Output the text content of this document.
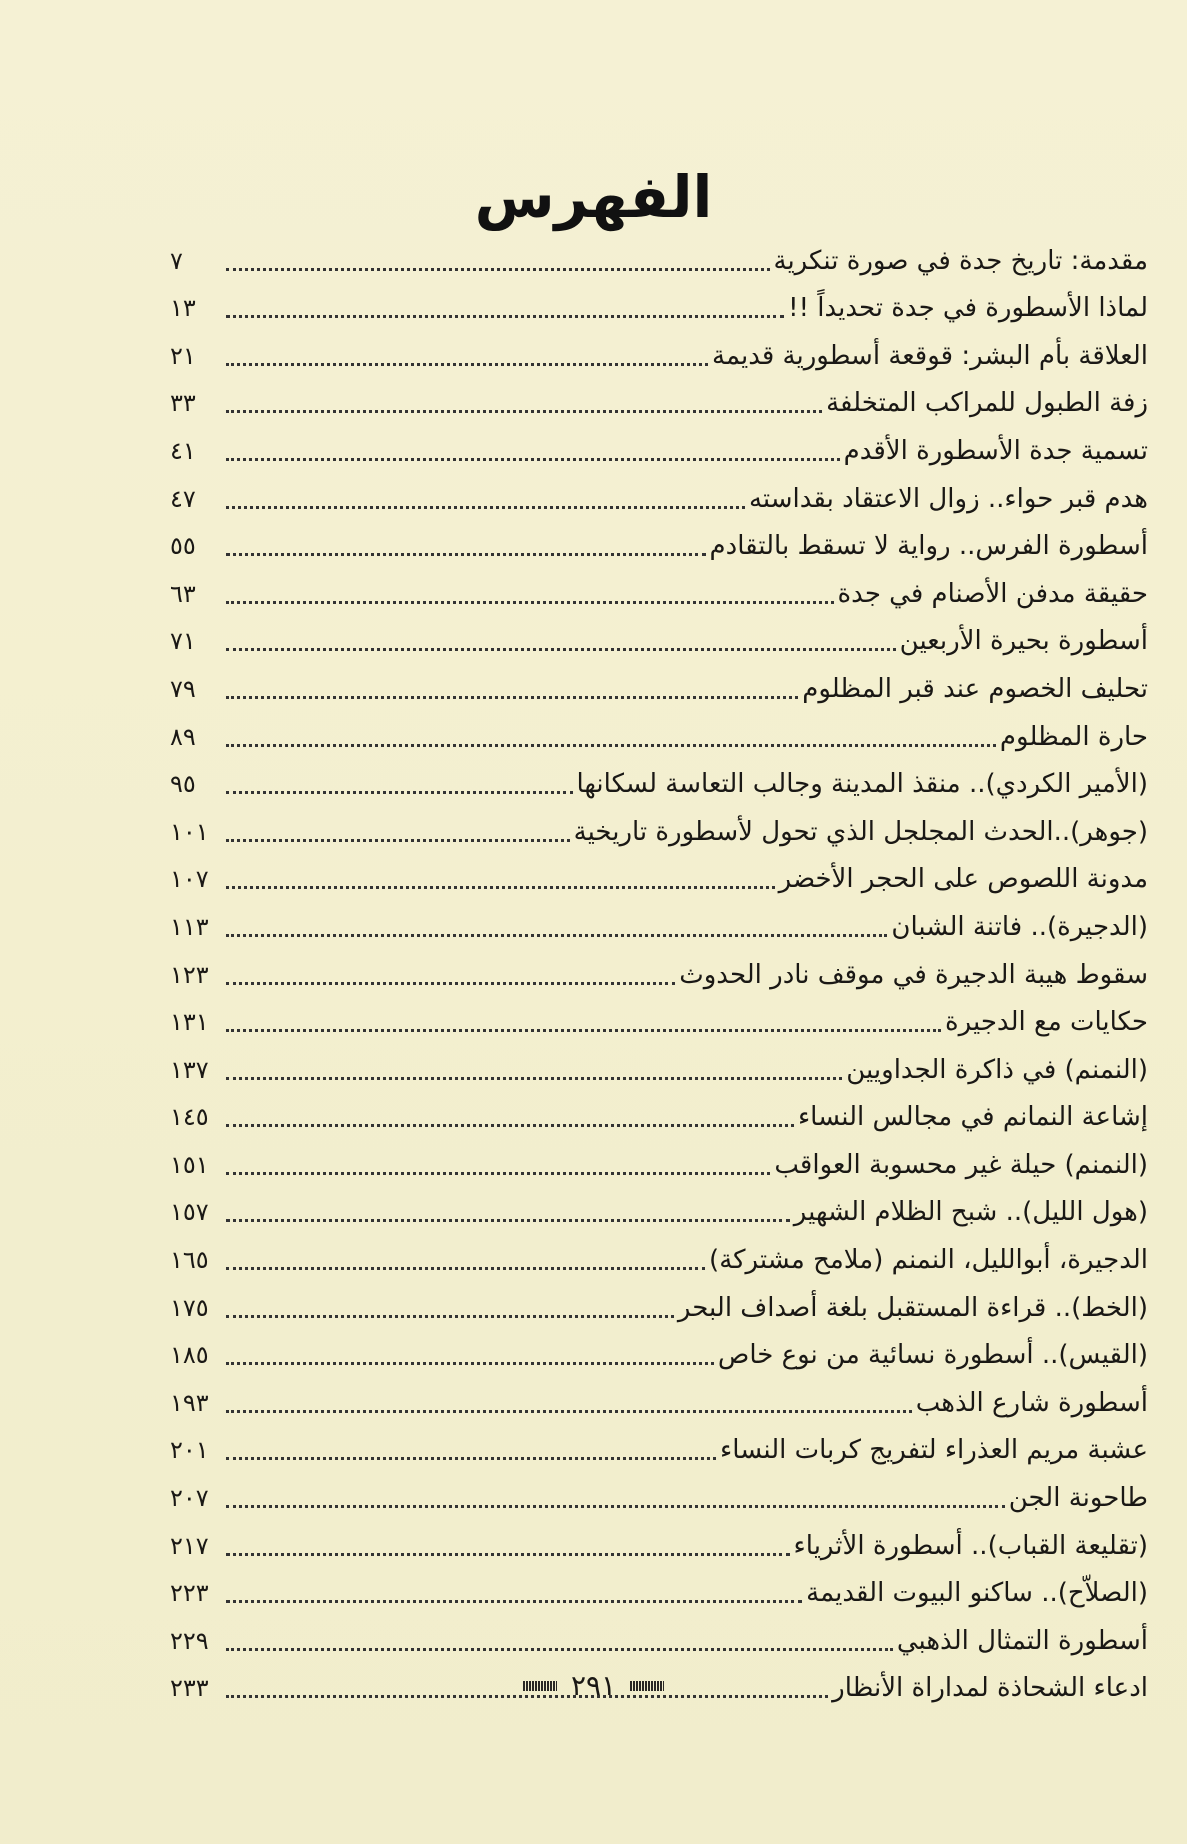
الفهرس
مقدمة: تاريخ جدة في صورة تنكرية
٧
لماذا الأسطورة في جدة تحديداً !!
١٣
العلاقة بأم البشر: قوقعة أسطورية قديمة
٢١
زفة الطبول للمراكب المتخلفة
٣٣
تسمية جدة الأسطورة الأقدم
٤١
هدم قبر حواء.. زوال الاعتقاد بقداسته
٤٧
أسطورة الفرس.. رواية لا تسقط بالتقادم
٥٥
حقيقة مدفن الأصنام في جدة
٦٣
أسطورة بحيرة الأربعين
٧١
تحليف الخصوم عند قبر المظلوم
٧٩
حارة المظلوم
٨٩
(الأمير الكردي).. منقذ المدينة وجالب التعاسة لسكانها
٩٥
(جوهر)..الحدث المجلجل الذي تحول لأسطورة تاريخية
١٠١
مدونة اللصوص على الحجر الأخضر
١٠٧
(الدجيرة).. فاتنة الشبان
١١٣
سقوط هيبة الدجيرة في موقف نادر الحدوث
١٢٣
حكايات مع الدجيرة
١٣١
(النمنم) في ذاكرة الجداويين
١٣٧
إشاعة النمانم في مجالس النساء
١٤٥
(النمنم) حيلة غير محسوبة العواقب
١٥١
(هول الليل).. شبح الظلام الشهير
١٥٧
الدجيرة، أبوالليل، النمنم (ملامح مشتركة)
١٦٥
(الخط).. قراءة المستقبل بلغة أصداف البحر
١٧٥
(القيس).. أسطورة نسائية من نوع خاص
١٨٥
أسطورة شارع الذهب
١٩٣
عشبة مريم العذراء لتفريج كربات النساء
٢٠١
طاحونة الجن
٢٠٧
(تقليعة القباب).. أسطورة الأثرياء
٢١٧
(الصلاّح).. ساكنو البيوت القديمة
٢٢٣
أسطورة التمثال الذهبي
٢٢٩
ادعاء الشحاذة لمداراة الأنظار
٢٣٣	٢٩١
